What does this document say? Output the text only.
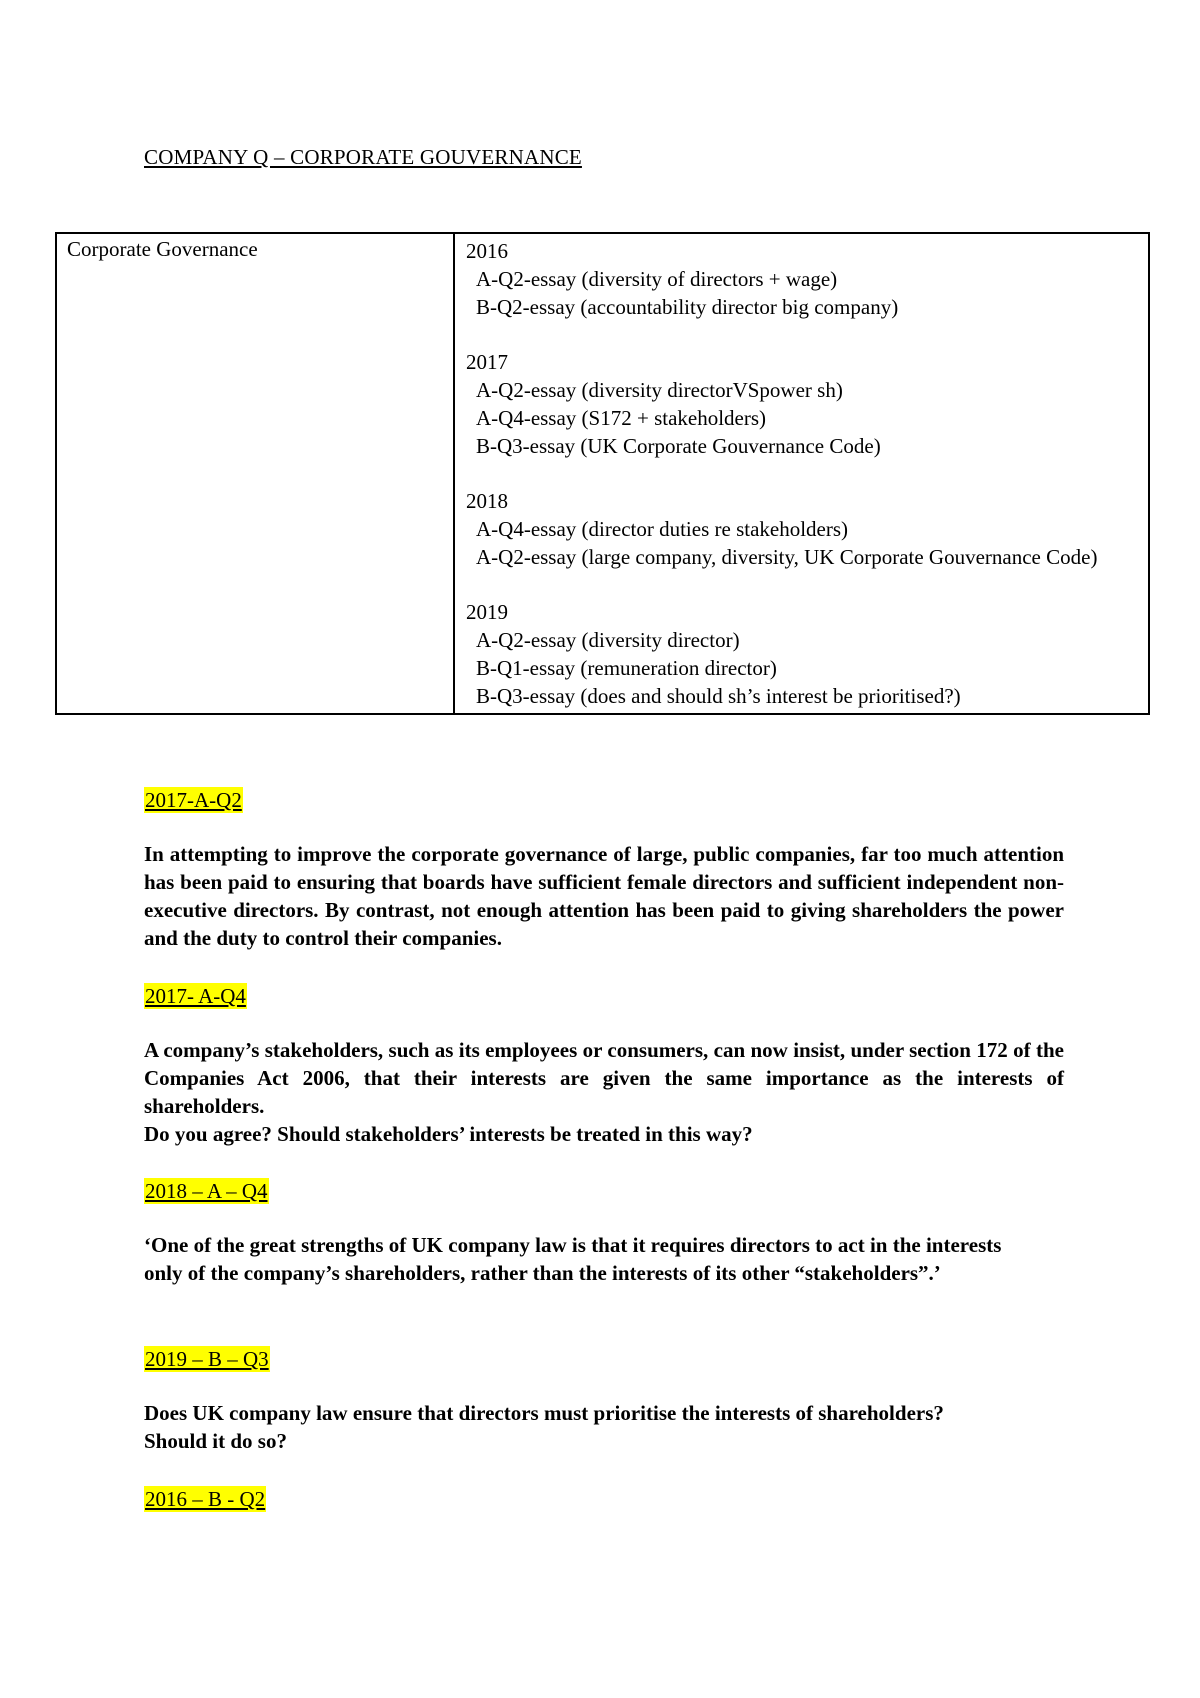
COMPANY Q – CORPORATE GOUVERNANCE
Corporate Governance	2016
A-Q2-essay (diversity of directors + wage)
B-Q2-essay (accountability director big company)
2017
A-Q2-essay (diversity directorVSpower sh)
A-Q4-essay (S172 + stakeholders)
B-Q3-essay (UK Corporate Gouvernance Code)
2018
A-Q4-essay (director duties re stakeholders)
A-Q2-essay (large company, diversity, UK Corporate Gouvernance Code)
2019
A-Q2-essay (diversity director)
B-Q1-essay (remuneration director)
B-Q3-essay (does and should sh’s interest be prioritised?)
2017-A-Q2

In attempting to improve the corporate governance of large, public companies, far too much attention has been paid to ensuring that boards have sufficient female directors and sufficient independent non-executive directors. By contrast, not enough attention has been paid to giving shareholders the power and the duty to control their companies.

2017- A-Q4

A company’s stakeholders, such as its employees or consumers, can now insist, under section 172 of the Companies Act 2006, that their interests are given the same importance as the interests of shareholders.

Do you agree? Should stakeholders’ interests be treated in this way?

2018 – A – Q4

‘One of the great strengths of UK company law is that it requires directors to act in the interests only of the company’s shareholders, rather than the interests of its other “stakeholders”.’

2019 – B – Q3

Does UK company law ensure that directors must prioritise the interests of shareholders? Should it do so?

2016 – B - Q2
